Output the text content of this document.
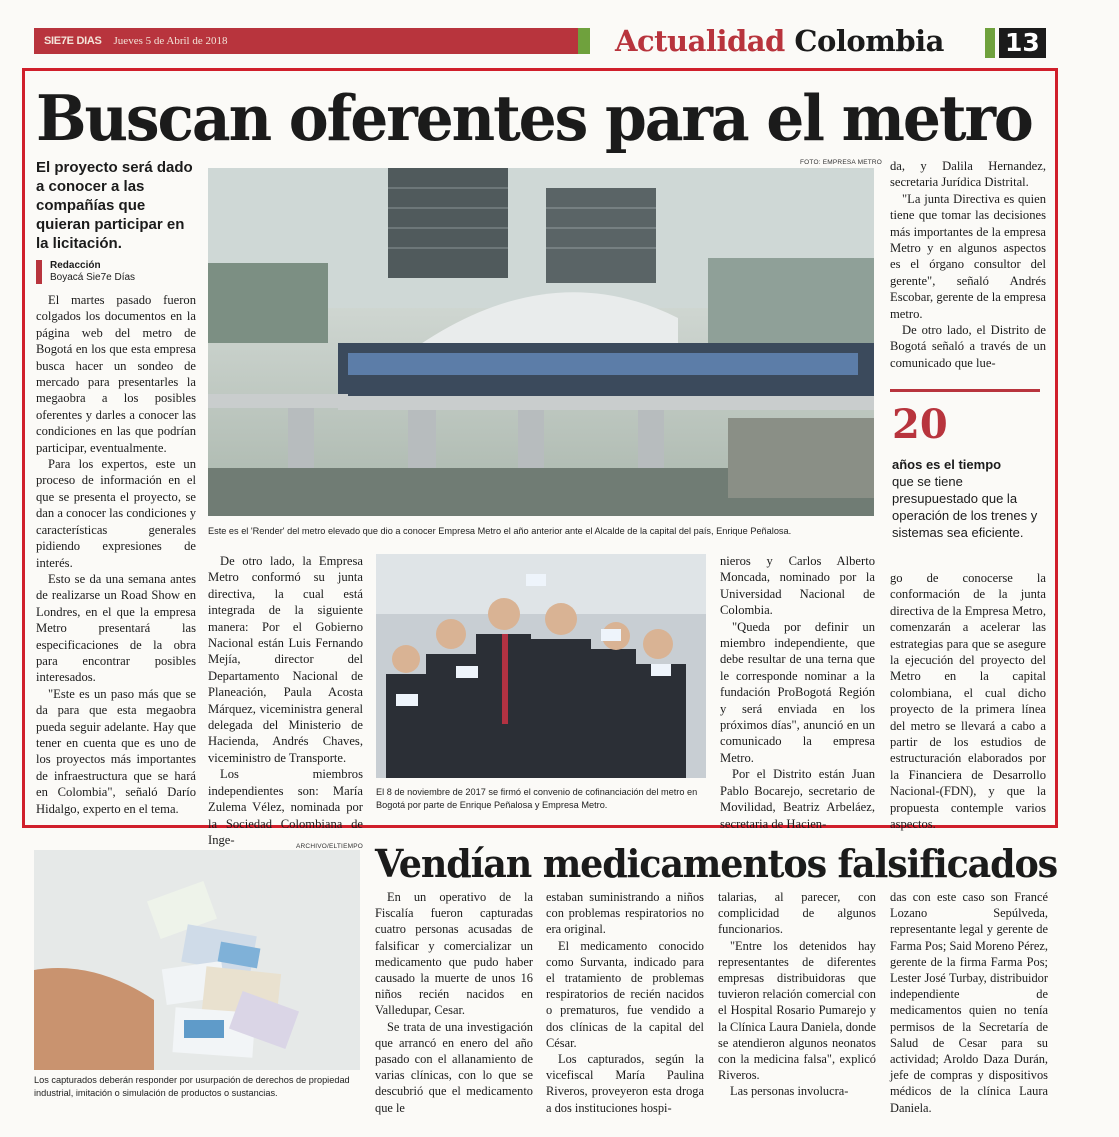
SIE7E DIAS Jueves 5 de Abril de 2018	Actualidad Colombia 13
Buscan oferentes para el metro
El proyecto será dado a conocer a las compañías que quieran participar en la licitación.
Redacción
Boyacá Sie7e Días

El martes pasado fueron colgados los documentos en la página web del metro de Bogotá en los que esta empresa busca hacer un sondeo de mercado para presentarles la megaobra a los posibles oferentes y darles a conocer las condiciones en las que podrían participar, eventualmente.

Para los expertos, este un proceso de información en el que se presenta el proyecto, se dan a conocer las condiciones y características generales pidiendo expresiones de interés.

Esto se da una semana antes de realizarse un Road Show en Londres, en el que la empresa Metro presentará las especificaciones de la obra para encontrar posibles interesados.

"Este es un paso más que se da para que esta megaobra pueda seguir adelante. Hay que tener en cuenta que es uno de los proyectos más importantes de infraestructura que se hará en Colombia", señaló Darío Hidalgo, experto en el tema.

FOTO: EMPRESA METRO
Este es el 'Render' del metro elevado que dio a conocer Empresa Metro el año anterior ante el Alcalde de la capital del país, Enrique Peñalosa.

De otro lado, la Empresa Metro conformó su junta directiva, la cual está integrada de la siguiente manera: Por el Gobierno Nacional están Luis Fernando Mejía, director del Departamento Nacional de Planeación, Paula Acosta Márquez, viceministra general delegada del Ministerio de Hacienda, Andrés Chaves, viceministro de Transporte.

Los miembros independientes son: María Zulema Vélez, nominada por la Sociedad Colombiana de Inge-

El 8 de noviembre de 2017 se firmó el convenio de cofinanciación del metro en Bogotá por parte de Enrique Peñalosa y Empresa Metro.

nieros y Carlos Alberto Moncada, nominado por la Universidad Nacional de Colombia.

"Queda por definir un miembro independiente, que debe resultar de una terna que le corresponde nominar a la fundación ProBogotá Región y será enviada en los próximos días", anunció en un comunicado la empresa Metro.

Por el Distrito están Juan Pablo Bocarejo, secretario de Movilidad, Beatriz Arbeláez, secretaria de Hacien-

da, y Dalila Hernandez, secretaria Jurídica Distrital.

"La junta Directiva es quien tiene que tomar las decisiones más importantes de la empresa Metro y en algunos aspectos es el órgano consultor del gerente", señaló Andrés Escobar, gerente de la empresa metro.

De otro lado, el Distrito de Bogotá señaló a través de un comunicado que lue-

20
años es el tiempo
que se tiene presupuestado que la operación de los trenes y sistemas sea eficiente.

go de conocerse la conformación de la junta directiva de la Empresa Metro, comenzarán a acelerar las estrategias para que se asegure la ejecución del proyecto del Metro en la capital colombiana, el cual dicho proyecto de la primera línea del metro se llevará a cabo a partir de los estudios de estructuración elaborados por la Financiera de Desarrollo Nacional-(FDN), y que la propuesta contemple varios aspectos.

ARCHIVO/ELTIEMPO
Los capturados deberán responder por usurpación de derechos de propiedad industrial, imitación o simulación de productos o sustancias.
Vendían medicamentos falsificados

En un operativo de la Fiscalía fueron capturadas cuatro personas acusadas de falsificar y comercializar un medicamento que pudo haber causado la muerte de unos 16 niños recién nacidos en Valledupar, Cesar.

Se trata de una investigación que arrancó en enero del año pasado con el allanamiento de varias clínicas, con lo que se descubrió que el medicamento que le

estaban suministrando a niños con problemas respiratorios no era original.

El medicamento conocido como Survanta, indicado para el tratamiento de problemas respiratorios de recién nacidos o prematuros, fue vendido a dos clínicas de la capital del César.

Los capturados, según la vicefiscal María Paulina Riveros, proveyeron esta droga a dos instituciones hospi-

talarias, al parecer, con complicidad de algunos funcionarios.

"Entre los detenidos hay representantes de diferentes empresas distribuidoras que tuvieron relación comercial con el Hospital Rosario Pumarejo y la Clínica Laura Daniela, donde se atendieron algunos neonatos con la medicina falsa", explicó Riveros.

Las personas involucra-

das con este caso son Francé Lozano Sepúlveda, representante legal y gerente de Farma Pos; Said Moreno Pérez, gerente de la firma Farma Pos; Lester José Turbay, distribuidor independiente de medicamentos quien no tenía permisos de la Secretaría de Salud de Cesar para su actividad; Aroldo Daza Durán, jefe de compras y dispositivos médicos de la clínica Laura Daniela.
